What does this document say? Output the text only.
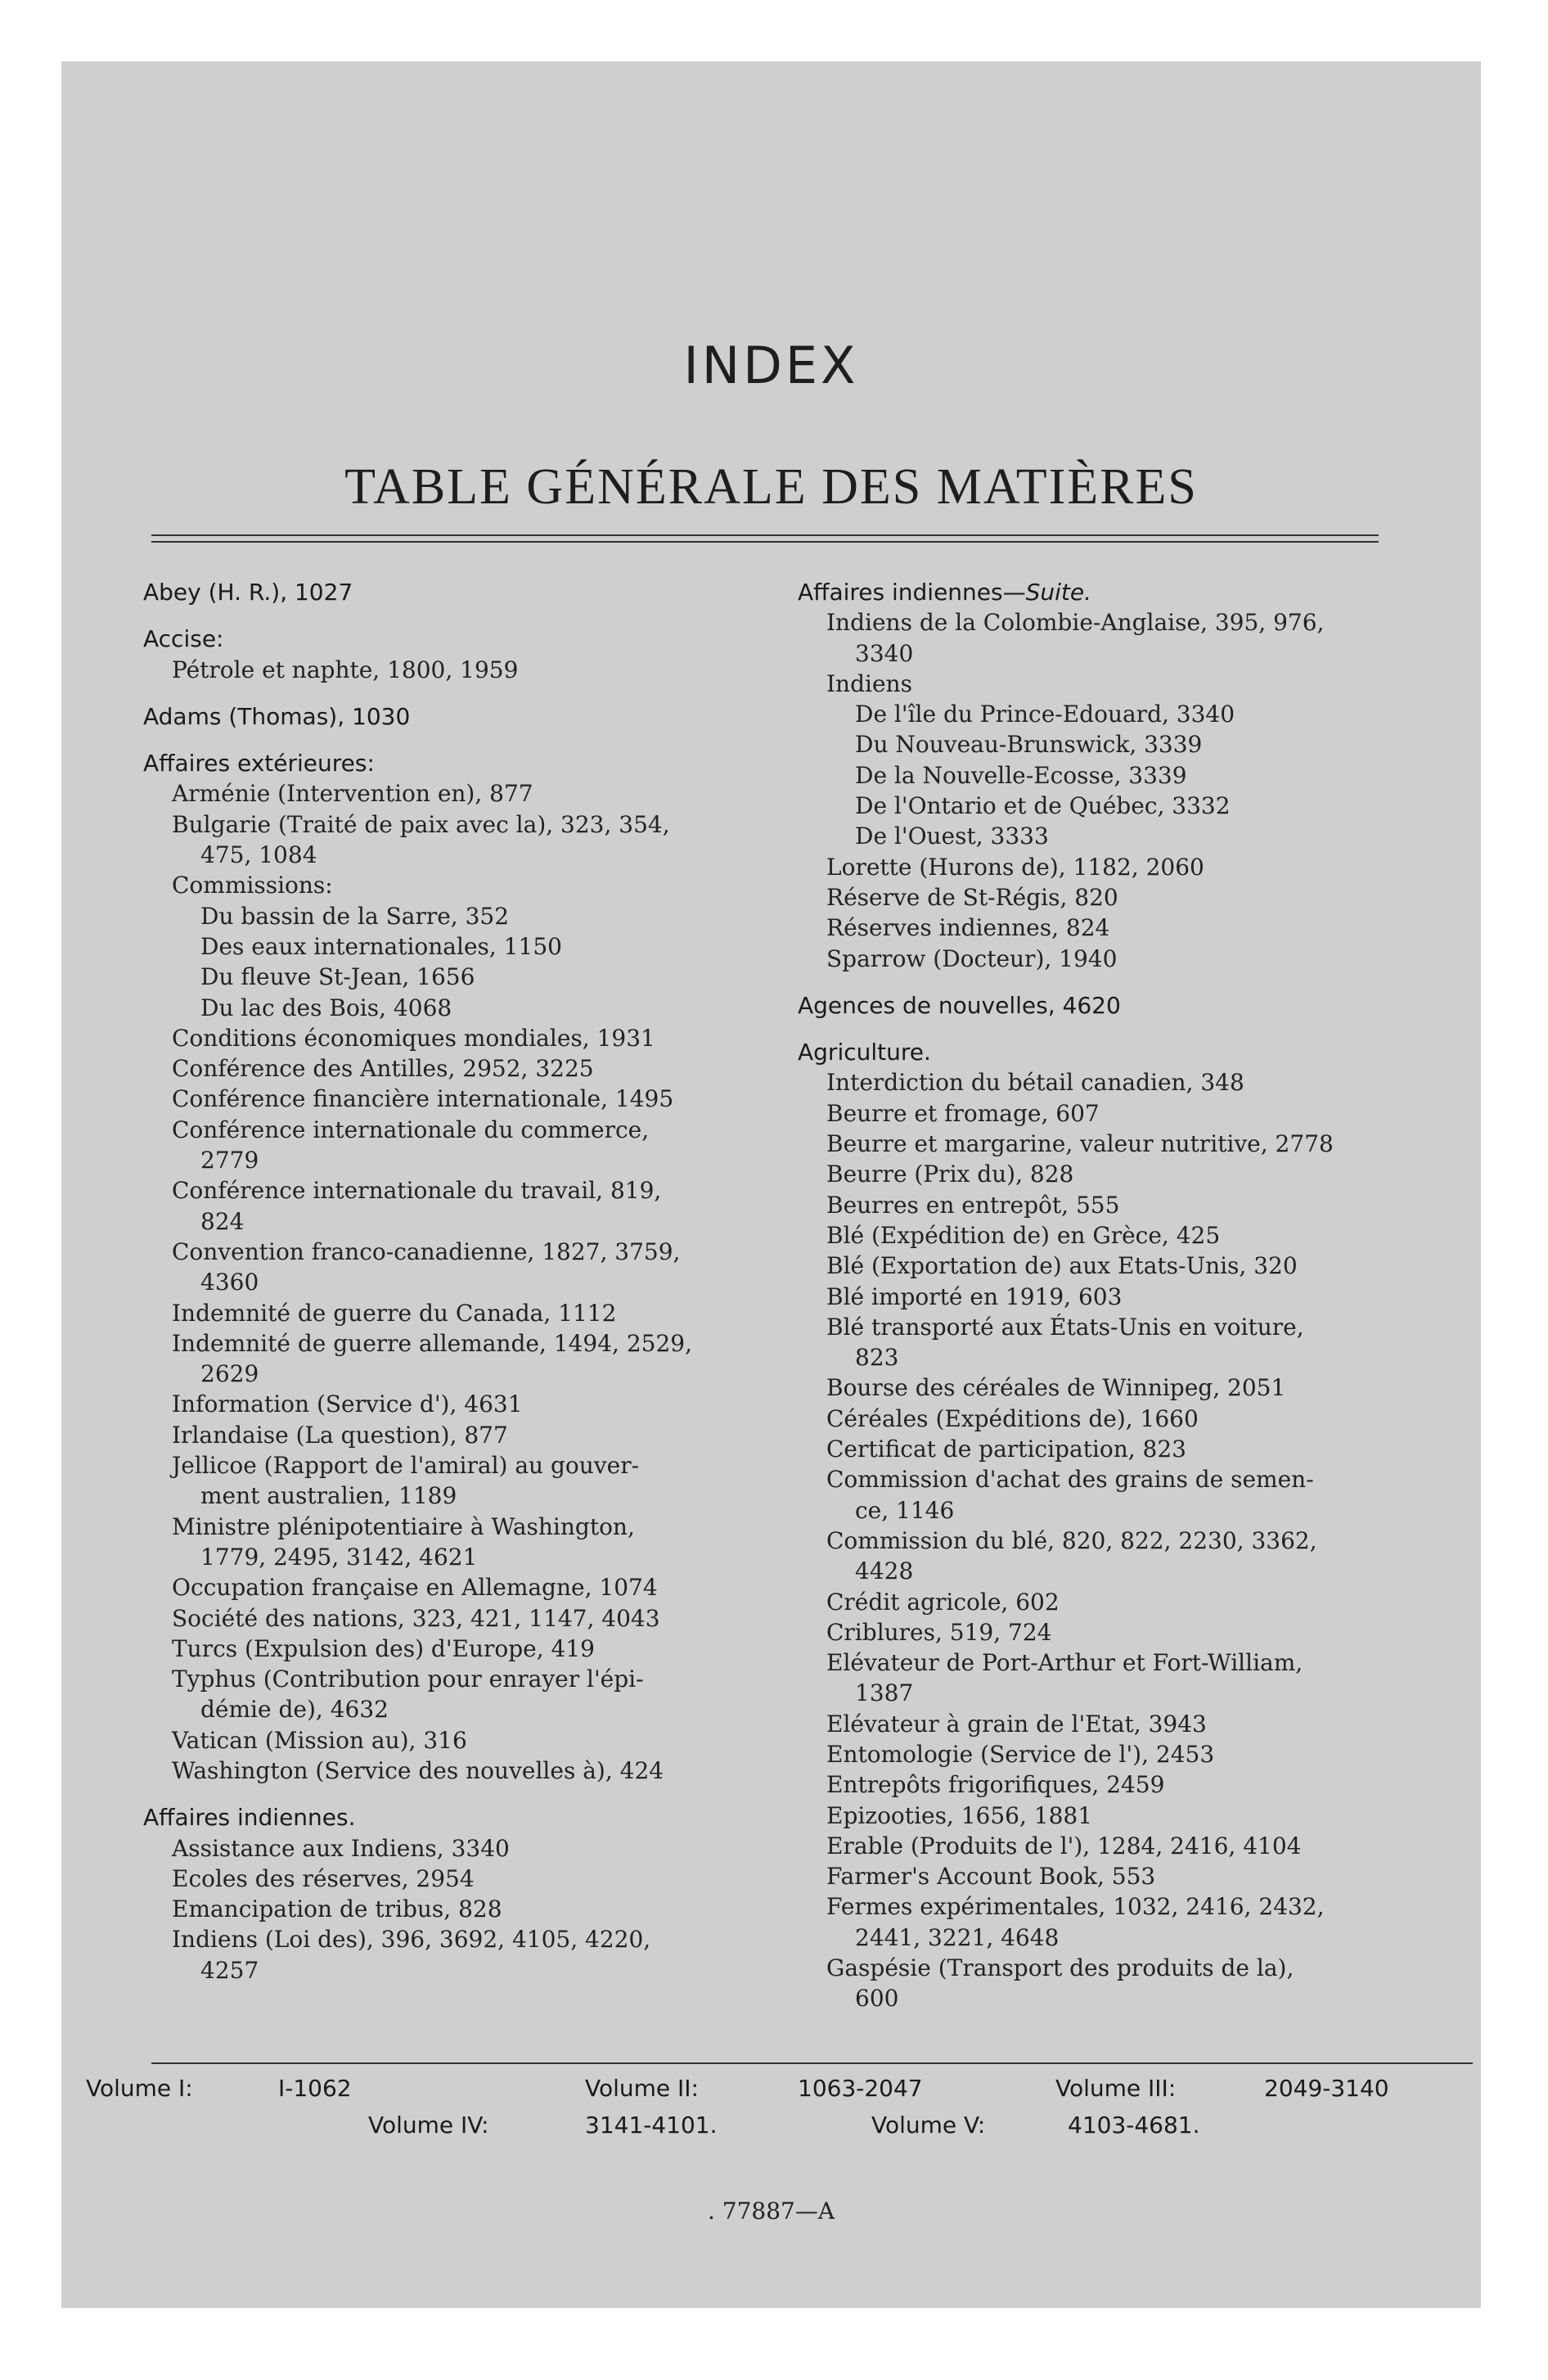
INDEX
TABLE GÉNÉRALE DES MATIÈRES
Abey (H. R.), 1027
Accise:
Pétrole et naphte, 1800, 1959
Adams (Thomas), 1030
Affaires extérieures:
Arménie (Intervention en), 877
Bulgarie (Traité de paix avec la), 323, 354,
475, 1084
Commissions:
Du bassin de la Sarre, 352
Des eaux internationales, 1150
Du fleuve St-Jean, 1656
Du lac des Bois, 4068
Conditions économiques mondiales, 1931
Conférence des Antilles, 2952, 3225
Conférence financière internationale, 1495
Conférence internationale du commerce,
2779
Conférence internationale du travail, 819,
824
Convention franco-canadienne, 1827, 3759,
4360
Indemnité de guerre du Canada, 1112
Indemnité de guerre allemande, 1494, 2529,
2629
Information (Service d'), 4631
Irlandaise (La question), 877
Jellicoe (Rapport de l'amiral) au gouver-
ment australien, 1189
Ministre plénipotentiaire à Washington,
1779, 2495, 3142, 4621
Occupation française en Allemagne, 1074
Société des nations, 323, 421, 1147, 4043
Turcs (Expulsion des) d'Europe, 419
Typhus (Contribution pour enrayer l'épi-
démie de), 4632
Vatican (Mission au), 316
Washington (Service des nouvelles à), 424
Affaires indiennes.
Assistance aux Indiens, 3340
Ecoles des réserves, 2954
Emancipation de tribus, 828
Indiens (Loi des), 396, 3692, 4105, 4220,
4257
Affaires indiennes—Suite.
Indiens de la Colombie-Anglaise, 395, 976,
3340
Indiens
De l'île du Prince-Edouard, 3340
Du Nouveau-Brunswick, 3339
De la Nouvelle-Ecosse, 3339
De l'Ontario et de Québec, 3332
De l'Ouest, 3333
Lorette (Hurons de), 1182, 2060
Réserve de St-Régis, 820
Réserves indiennes, 824
Sparrow (Docteur), 1940
Agences de nouvelles, 4620
Agriculture.
Interdiction du bétail canadien, 348
Beurre et fromage, 607
Beurre et margarine, valeur nutritive, 2778
Beurre (Prix du), 828
Beurres en entrepôt, 555
Blé (Expédition de) en Grèce, 425
Blé (Exportation de) aux Etats-Unis, 320
Blé importé en 1919, 603
Blé transporté aux États-Unis en voiture,
823
Bourse des céréales de Winnipeg, 2051
Céréales (Expéditions de), 1660
Certificat de participation, 823
Commission d'achat des grains de semen-
ce, 1146
Commission du blé, 820, 822, 2230, 3362,
4428
Crédit agricole, 602
Criblures, 519, 724
Elévateur de Port-Arthur et Fort-William,
1387
Elévateur à grain de l'Etat, 3943
Entomologie (Service de l'), 2453
Entrepôts frigorifiques, 2459
Epizooties, 1656, 1881
Erable (Produits de l'), 1284, 2416, 4104
Farmer's Account Book, 553
Fermes expérimentales, 1032, 2416, 2432,
2441, 3221, 4648
Gaspésie (Transport des produits de la),
600
Volume I:	I-1062	Volume II:	1063-2047	Volume III:	2049-3140
Volume IV:	3141-4101.	Volume V:	4103-4681.
. 77887—A
